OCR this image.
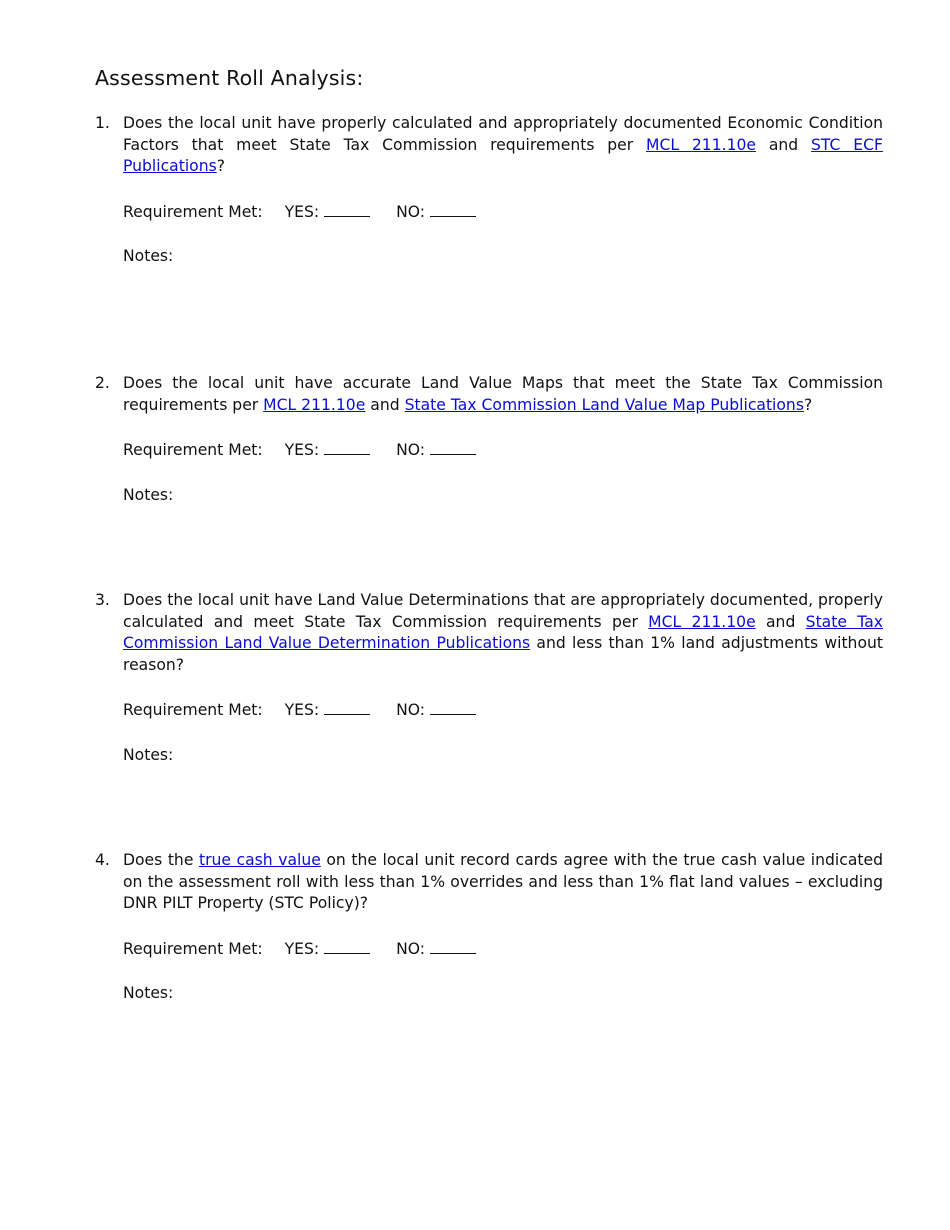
Assessment Roll Analysis:
1. Does the local unit have properly calculated and appropriately documented Economic Condition Factors that meet State Tax Commission requirements per MCL 211.10e and STC ECF Publications?
Requirement Met: YES:	NO:
Notes:
2. Does the local unit have accurate Land Value Maps that meet the State Tax Commission requirements per MCL 211.10e and State Tax Commission Land Value Map Publications?
Requirement Met: YES:	NO:
Notes:
3. Does the local unit have Land Value Determinations that are appropriately documented, properly calculated and meet State Tax Commission requirements per MCL 211.10e and State Tax Commission Land Value Determination Publications and less than 1% land adjustments without reason?
Requirement Met: YES:	NO:
Notes:
4. Does the true cash value on the local unit record cards agree with the true cash value indicated on the assessment roll with less than 1% overrides and less than 1% flat land values – excluding DNR PILT Property (STC Policy)?
Requirement Met: YES:	NO:
Notes:
